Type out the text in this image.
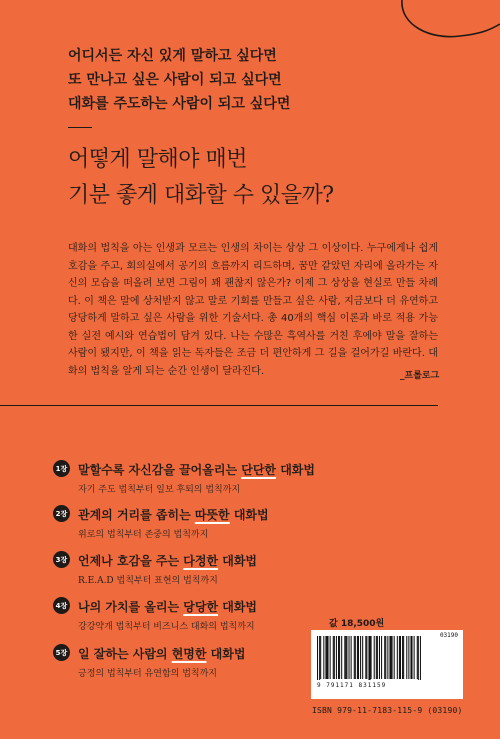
어디서든 자신 있게 말하고 싶다면
또 만나고 싶은 사람이 되고 싶다면
대화를 주도하는 사람이 되고 싶다면
어떻게 말해야 매번
기분 좋게 대화할 수 있을까?
대화의 법칙을 아는 인생과 모르는 인생의 차이는 상상 그 이상이다. 누구에게나 쉽게 호감을 주고, 회의실에서 공기의 흐름까지 리드하며, 꿈만 같았던 자리에 올라가는 자신의 모습을 떠올려 보면 그림이 꽤 괜찮지 않은가? 이제 그 상상을 현실로 만들 차례다. 이 책은 말에 상처받지 않고 말로 기회를 만들고 싶은 사람, 지금보다 더 유연하고 당당하게 말하고 싶은 사람을 위한 기술서다. 총 40개의 핵심 이론과 바로 적용 가능한 실전 예시와 연습법이 담겨 있다. 나는 수많은 흑역사를 거친 후에야 말을 잘하는 사람이 됐지만, 이 책을 읽는 독자들은 조금 더 편안하게 그 길을 걸어가길 바란다. 대화의 법칙을 알게 되는 순간 인생이 달라진다.	_프롤로그
1장 말할수록 자신감을 끌어올리는 단단한 대화법
자기 주도 법칙부터 일보 후퇴의 법칙까지
2장 관계의 거리를 좁히는 따뜻한 대화법
위로의 법칙부터 존중의 법칙까지
3장 언제나 호감을 주는 다정한 대화법
R.E.A.D 법칙부터 표현의 법칙까지
4장 나의 가치를 올리는 당당한 대화법
강강약개 법칙부터 비즈니스 대화의 법칙까지
5장 일 잘하는 사람의 현명한 대화법
긍정의 법칙부터 유연함의 법칙까지
값 18,500원
03190
9 791171 831159
ISBN 979-11-7183-115-9 (03190)
